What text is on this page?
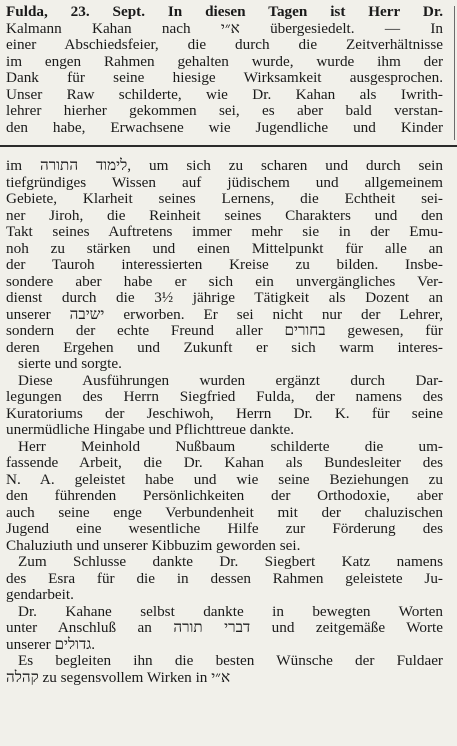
Fulda, 23. Sept. In diesen Tagen ist Herr Dr.
Kalmann Kahan nach א״י übergesiedelt. — In
einer Abschiedsfeier, die durch die Zeitverhältnisse
im engen Rahmen gehalten wurde, wurde ihm der
Dank für seine hiesige Wirksamkeit ausgesprochen.
Unser Raw schilderte, wie Dr. Kahan als Iwrith-
lehrer hierher gekommen sei, es aber bald verstan-
den habe, Erwachsene wie Jugendliche und Kinder
im לימוד התורה, um sich zu scharen und durch sein
tiefgründiges Wissen auf jüdischem und allgemeinem
Gebiete, Klarheit seines Lernens, die Echtheit sei-
ner Jiroh, die Reinheit seines Charakters und den
Takt seines Auftretens immer mehr sie in der Emu-
noh zu stärken und einen Mittelpunkt für alle an
der Tauroh interessierten Kreise zu bilden. Insbe-
sondere aber habe er sich ein unvergängliches Ver-
dienst durch die 3½ jährige Tätigkeit als Dozent an
unserer ישיבה erworben. Er sei nicht nur der Lehrer,
sondern der echte Freund aller בחורים gewesen, für
deren Ergehen und Zukunft er sich warm interes-
sierte und sorgte.
Diese Ausführungen wurden ergänzt durch Dar-
legungen des Herrn Siegfried Fulda, der namens des
Kuratoriums der Jeschiwoh, Herrn Dr. K. für seine
unermüdliche Hingabe und Pflichttreue dankte.
Herr Meinhold Nußbaum schilderte die um-
fassende Arbeit, die Dr. Kahan als Bundesleiter des
N. A. geleistet habe und wie seine Beziehungen zu
den führenden Persönlichkeiten der Orthodoxie, aber
auch seine enge Verbundenheit mit der chaluzischen
Jugend eine wesentliche Hilfe zur Förderung des
Chaluziuth und unserer Kibbuzim geworden sei.
Zum Schlusse dankte Dr. Siegbert Katz namens
des Esra für die in dessen Rahmen geleistete Ju-
gendarbeit.
Dr. Kahane selbst dankte in bewegten Worten
unter Anschluß an דברי תורה und zeitgemäße Worte
unserer גדולים.
Es begleiten ihn die besten Wünsche der Fuldaer
קהלה zu segensvollem Wirken in א״י
